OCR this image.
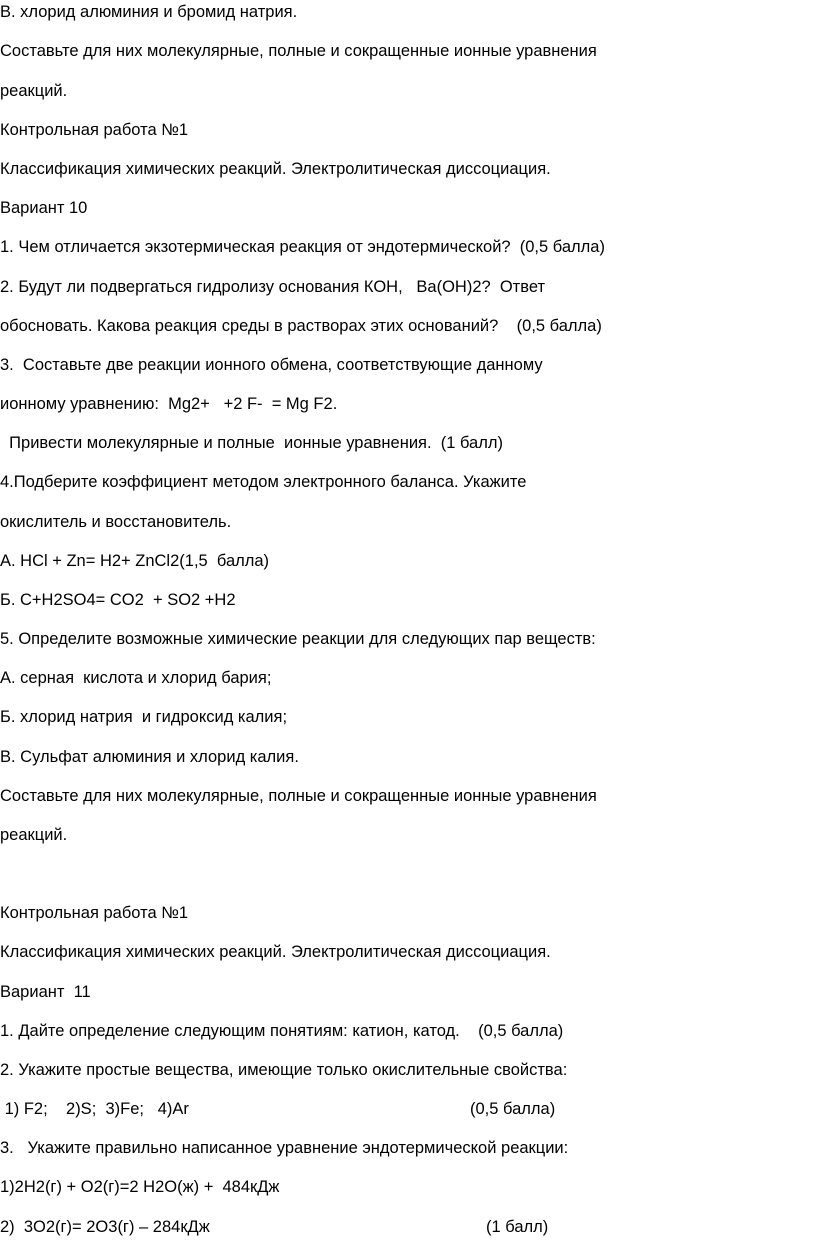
В. хлорид алюминия и бромид натрия.
Составьте для них молекулярные, полные и сокращенные ионные уравнения
реакций.
Контрольная работа №1
Классификация химических реакций. Электролитическая диссоциация.
Вариант 10
1. Чем отличается экзотермическая реакция от эндотермической?  (0,5 балла)
2. Будут ли подвергаться гидролизу основания КОН,   Ba(OH)2?  Ответ
обосновать. Какова реакция среды в растворах этих оснований?    (0,5 балла)
3.  Составьте две реакции ионного обмена, соответствующие данному
ионному уравнению:  Mg2+   +2 F-  = Mg F2.
Привести молекулярные и полные  ионные уравнения.  (1 балл)
4.Подберите коэффициент методом электронного баланса. Укажите
окислитель и восстановитель.
А. HCl + Zn= H2+ ZnCl2(1,5  балла)
Б. C+H2SO4= CO2  + SO2 +H2
5. Определите возможные химические реакции для следующих пар веществ:
А. серная  кислота и хлорид бария;
Б. хлорид натрия  и гидроксид калия;
В. Сульфат алюминия и хлорид калия.
Составьте для них молекулярные, полные и сокращенные ионные уравнения
реакций.
Контрольная работа №1
Классификация химических реакций. Электролитическая диссоциация.
Вариант  11
1. Дайте определение следующим понятиям: катион, катод.    (0,5 балла)
2. Укажите простые вещества, имеющие только окислительные свойства:
1) F2;    2)S;  3)Fe;   4)Ar	(0,5 балла)
3.   Укажите правильно написанное уравнение эндотермической реакции:
1)2H2(г) + O2(г)=2 H2O(ж) +  484кДж
2)  3O2(г)= 2O3(г) – 284кДж	(1 балл)
